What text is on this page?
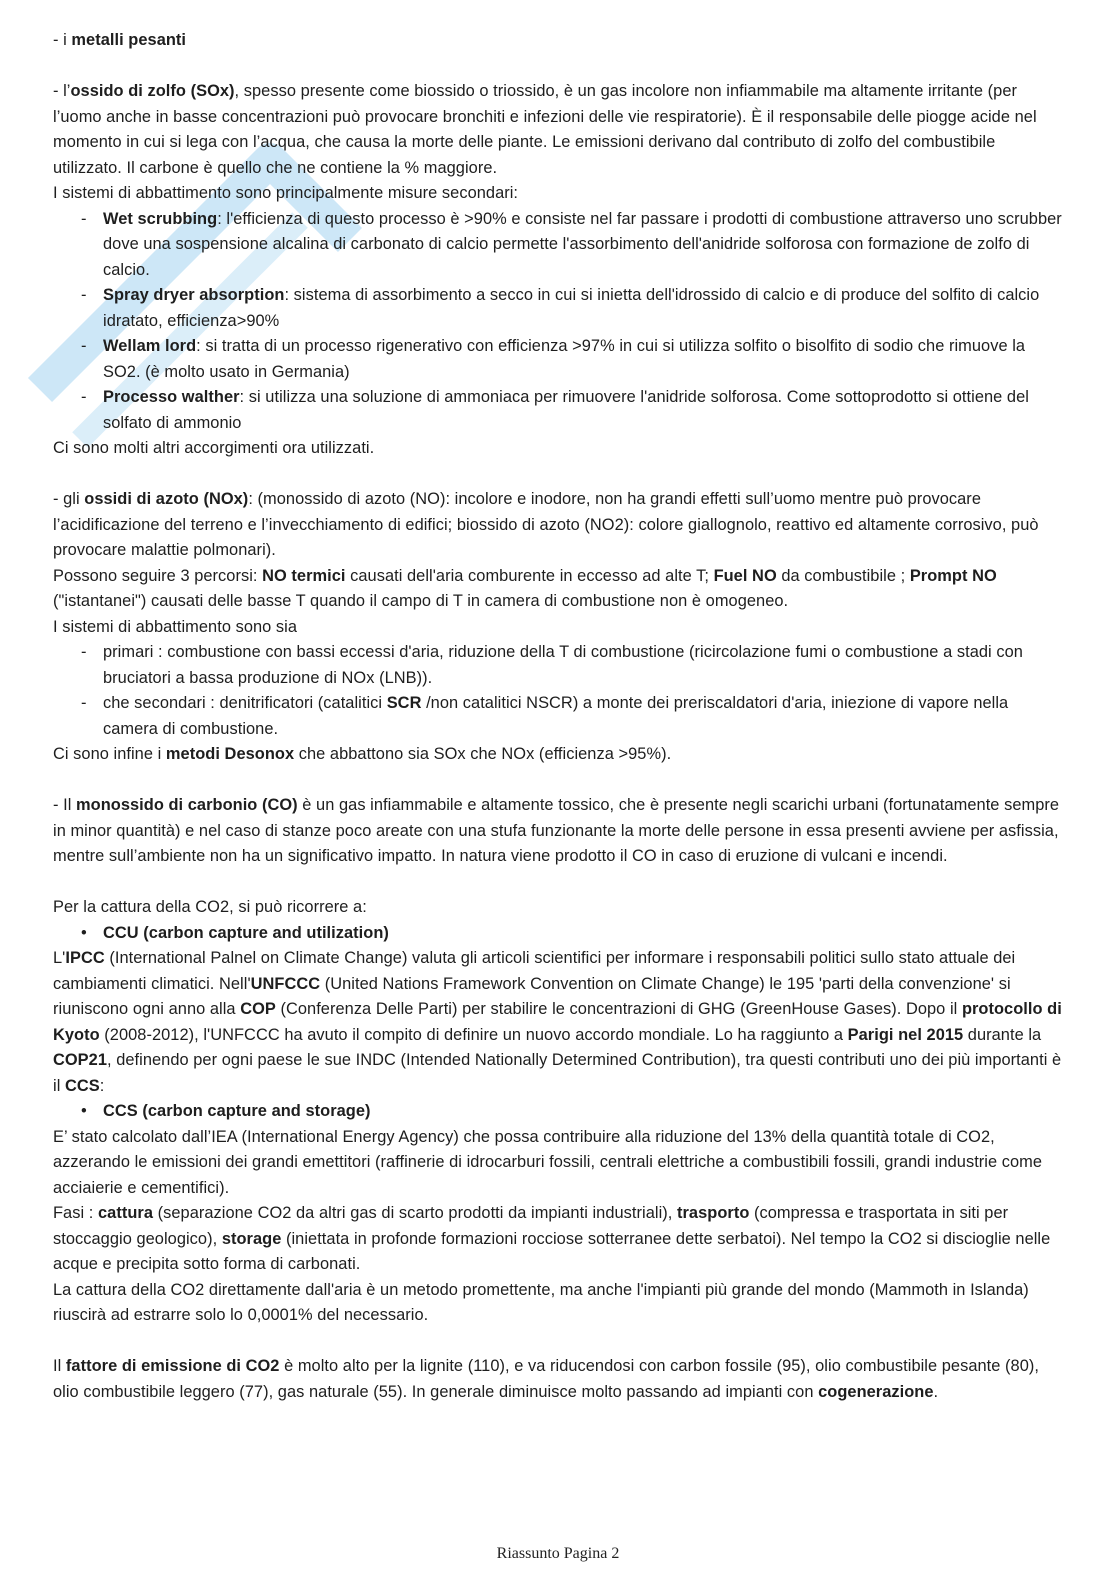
- i metalli pesanti

- l’ossido di zolfo (SOx), spesso presente come biossido o triossido, è un gas incolore non infiammabile ma altamente irritante (per l’uomo anche in basse concentrazioni può provocare bronchiti e infezioni delle vie respiratorie). È il responsabile delle piogge acide nel momento in cui si lega con l’acqua, che causa la morte delle piante. Le emissioni derivano dal contributo di zolfo del combustibile utilizzato. Il carbone è quello che ne contiene la % maggiore.

I sistemi di abbattimento sono principalmente misure secondari:

- Wet scrubbing: l'efficienza di questo processo è >90% e consiste nel far passare i prodotti di combustione attraverso uno scrubber dove una sospensione alcalina di carbonato di calcio permette l'assorbimento dell'anidride solforosa con formazione de zolfo di calcio.
- Spray dryer absorption: sistema di assorbimento a secco in cui si inietta dell'idrossido di calcio e di produce del solfito di calcio idratato, efficienza>90%
- Wellam lord: si tratta di un processo rigenerativo con efficienza >97% in cui si utilizza solfito o bisolfito di sodio che rimuove la SO2. (è molto usato in Germania)
- Processo walther: si utilizza una soluzione di ammoniaca per rimuovere l'anidride solforosa. Come sottoprodotto si ottiene del solfato di ammonio

Ci sono molti altri accorgimenti ora utilizzati.

- gli ossidi di azoto (NOx): (monossido di azoto (NO): incolore e inodore, non ha grandi effetti sull’uomo mentre può provocare l’acidificazione del terreno e l’invecchiamento di edifici; biossido di azoto (NO2): colore giallognolo, reattivo ed altamente corrosivo, può provocare malattie polmonari).

Possono seguire 3 percorsi: NO termici causati dell'aria comburente in eccesso ad alte T; Fuel NO da combustibile ; Prompt NO ("istantanei") causati delle basse T quando il campo di T in camera di combustione non è omogeneo.

I sistemi di abbattimento sono sia

- primari : combustione con bassi eccessi d'aria, riduzione della T di combustione (ricircolazione fumi o combustione a stadi con bruciatori a bassa produzione di NOx (LNB)).
- che secondari : denitrificatori (catalitici SCR /non catalitici NSCR) a monte dei preriscaldatori d'aria, iniezione di vapore nella camera di combustione.

Ci sono infine i metodi Desonox che abbattono sia SOx che NOx (efficienza >95%).

- Il monossido di carbonio (CO) è un gas infiammabile e altamente tossico, che è presente negli scarichi urbani (fortunatamente sempre in minor quantità) e nel caso di stanze poco areate con una stufa funzionante la morte delle persone in essa presenti avviene per asfissia, mentre sull’ambiente non ha un significativo impatto. In natura viene prodotto il CO in caso di eruzione di vulcani e incendi.

Per la cattura della CO2, si può ricorrere a:

• CCU (carbon capture and utilization)

L'IPCC (International Palnel on Climate Change) valuta gli articoli scientifici per informare i responsabili politici sullo stato attuale dei cambiamenti climatici. Nell'UNFCCC (United Nations Framework Convention on Climate Change) le 195 'parti della convenzione' si riuniscono ogni anno alla COP (Conferenza Delle Parti) per stabilire le concentrazioni di GHG (GreenHouse Gases). Dopo il protocollo di Kyoto (2008-2012), l'UNFCCC ha avuto il compito di definire un nuovo accordo mondiale. Lo ha raggiunto a Parigi nel 2015 durante la COP21, definendo per ogni paese le sue INDC (Intended Nationally Determined Contribution), tra questi contributi uno dei più importanti è il CCS:

• CCS (carbon capture and storage)

E’ stato calcolato dall’IEA (International Energy Agency) che possa contribuire alla riduzione del 13% della quantità totale di CO2, azzerando le emissioni dei grandi emettitori (raffinerie di idrocarburi fossili, centrali elettriche a combustibili fossili, grandi industrie come acciaierie e cementifici).

Fasi : cattura (separazione CO2 da altri gas di scarto prodotti da impianti industriali), trasporto (compressa e trasportata in siti per stoccaggio geologico), storage (iniettata in profonde formazioni rocciose sotterranee dette serbatoi). Nel tempo la CO2 si discioglie nelle acque e precipita sotto forma di carbonati.

La cattura della CO2 direttamente dall'aria è un metodo promettente, ma anche l'impianti più grande del mondo (Mammoth in Islanda) riuscirà ad estrarre solo lo 0,0001% del necessario.

Il fattore di emissione di CO2 è molto alto per la lignite (110), e va riducendosi con carbon fossile (95), olio combustibile pesante (80), olio combustibile leggero (77), gas naturale (55). In generale diminuisce molto passando ad impianti con cogenerazione.

Riassunto Pagina 2
